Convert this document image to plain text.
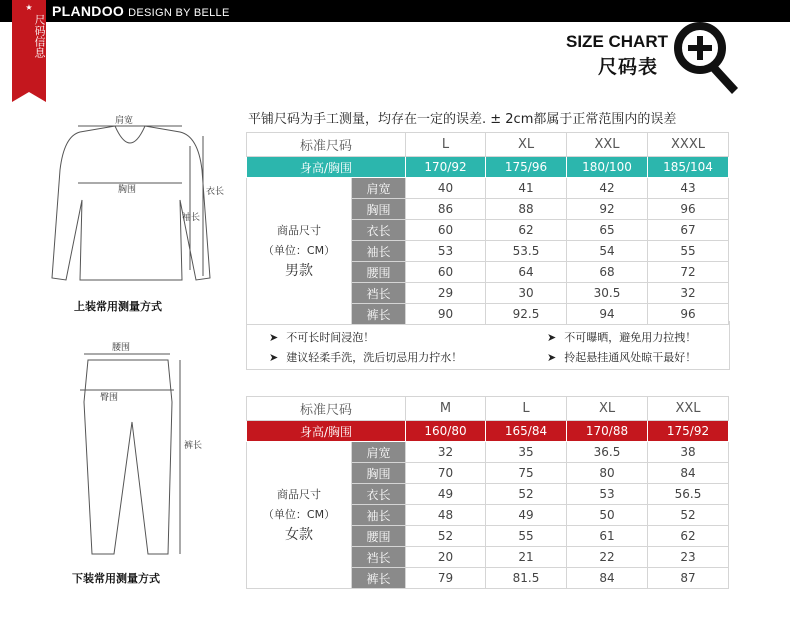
PLANDOO DESIGN BY BELLE
★
尺码信息	SIZE CHART
尺码表
平铺尺码为手工测量，均存在一定的误差. ± 2cm都属于正常范围内的误差
肩宽
胸围	衣长
袖长
上装常用测量方式
腰围
臀围
裤长
下装常用测量方式
标准尺码		L	XL	XXL	XXXL
身高/胸围		170/92	175/96	180/100	185/104

商品尺寸
（单位：CM）
男款	肩宽	40	41	42	43
	胸围	86	88	92	96
	衣长	60	62	65	67
	袖长	53	53.5	54	55
	腰围	60	64	68	72
	裆长	29	30	30.5	32
	裤长	90	92.5	94	96
➤ 不可长时间浸泡！	➤ 不可曝晒，避免用力拉拽！
➤ 建议轻柔手洗，洗后切忌用力拧水！	➤ 拎起悬挂通风处晾干最好！
标准尺码		M	L	XL	XXL
身高/胸围		160/80	165/84	170/88	175/92

商品尺寸
（单位：CM）
女款	肩宽	32	35	36.5	38
	胸围	70	75	80	84
	衣长	49	52	53	56.5
	袖长	48	49	50	52
	腰围	52	55	61	62
	裆长	20	21	22	23
	裤长	79	81.5	84	87
